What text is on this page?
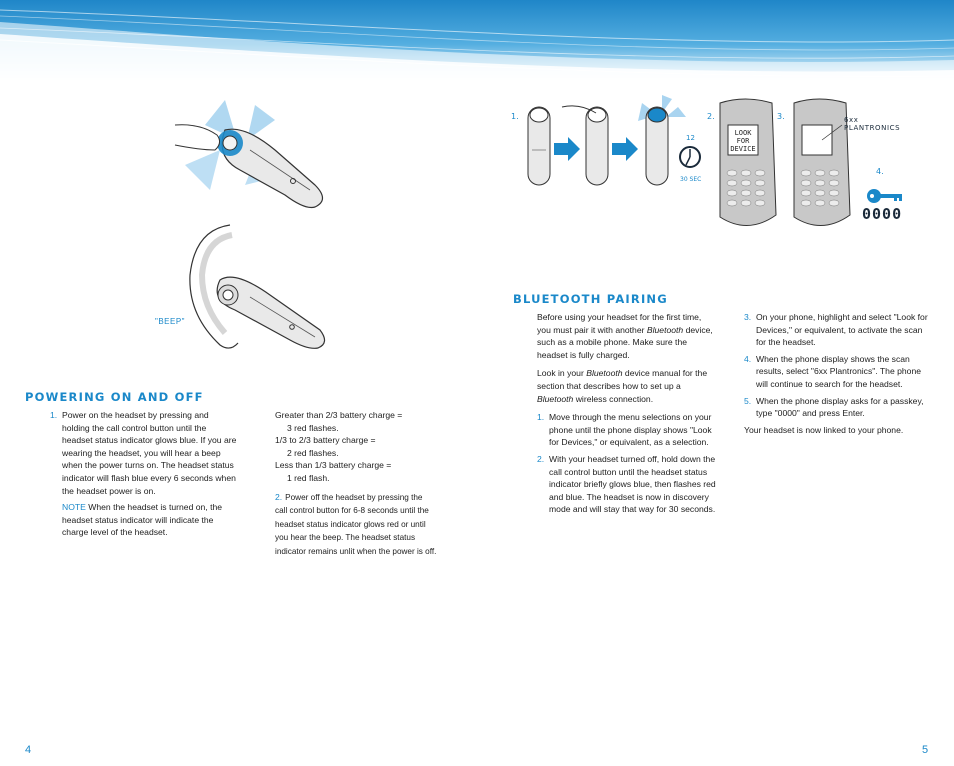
"BEEP"
POWERING ON AND OFF
1. Power on the headset by pressing and holding the call control button until the headset status indicator glows blue. If you are wearing the headset, you will hear a beep when the power turns on. The headset status indicator will flash blue every 6 seconds when the headset power is on.
NOTE When the headset is turned on, the headset status indicator will indicate the charge level of the headset.
Greater than 2/3 battery charge =
3 red flashes.
1/3 to 2/3 battery charge =
2 red flashes.
Less than 1/3 battery charge =
1 red flash.
2. Power off the headset by pressing the call control button for 6-8 seconds until the headset status indicator glows red or until you hear the beep. The headset status indicator remains unlit when the power is off.
4
1.	2.	3.
4.
12
30 SEC
LOOK
FOR
DEVICE
6xx
PLANTRONICS
0000
BLUETOOTH PAIRING

Before using your headset for the first time, you must pair it with another Bluetooth device, such as a mobile phone. Make sure the headset is fully charged.

Look in your Bluetooth device manual for the section that describes how to set up a Bluetooth wireless connection.

1. Move through the menu selections on your phone until the phone display shows "Look for Devices," or equivalent, as a selection.
2. With your headset turned off, hold down the call control button until the headset status indicator briefly glows blue, then flashes red and blue. The headset is now in discovery mode and will stay that way for 30 seconds.
3. On your phone, highlight and select "Look for Devices," or equivalent, to activate the scan for the headset.
4. When the phone display shows the scan results, select "6xx Plantronics". The phone will continue to search for the headset.
5. When the phone display asks for a passkey, type "0000" and press Enter.

Your headset is now linked to your phone.

5
